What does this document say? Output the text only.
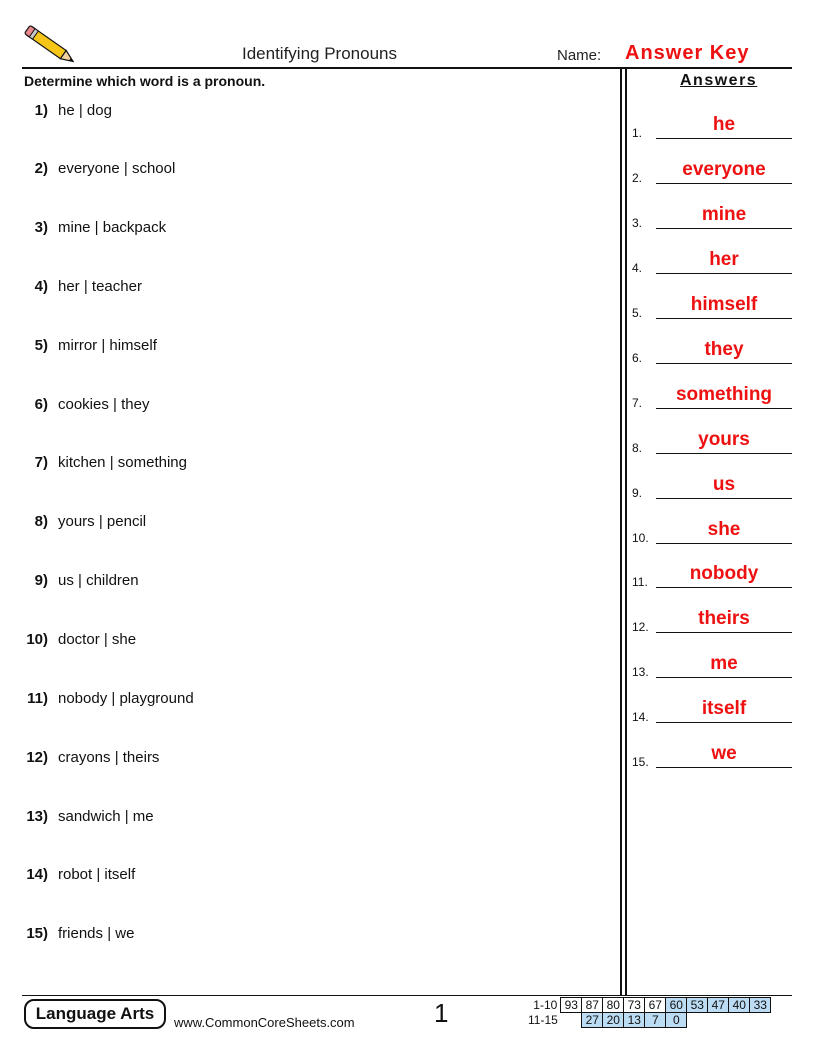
Identifying Pronouns	Name: Answer Key
Determine which word is a pronoun.	Answers
1) he | dog
2) everyone | school
3) mine | backpack
4) her | teacher
5) mirror | himself
6) cookies | they
7) kitchen | something
8) yours | pencil
9) us | children
10) doctor | she
11) nobody | playground
12) crayons | theirs
13) sandwich | me
14) robot | itself
15) friends | we
1.	he
2.	everyone
3.	mine
4.	her
5.	himself
6.	they
7.	something
8.	yours
9.	us
10.	she
11.	nobody
12.	theirs
13.	me
14.	itself
15.	we
Language Arts	www.CommonCoreSheets.com	1	1-10	93	87	80	73	67	60	53	47	40	33
11-15		27	20	13	7	0				
